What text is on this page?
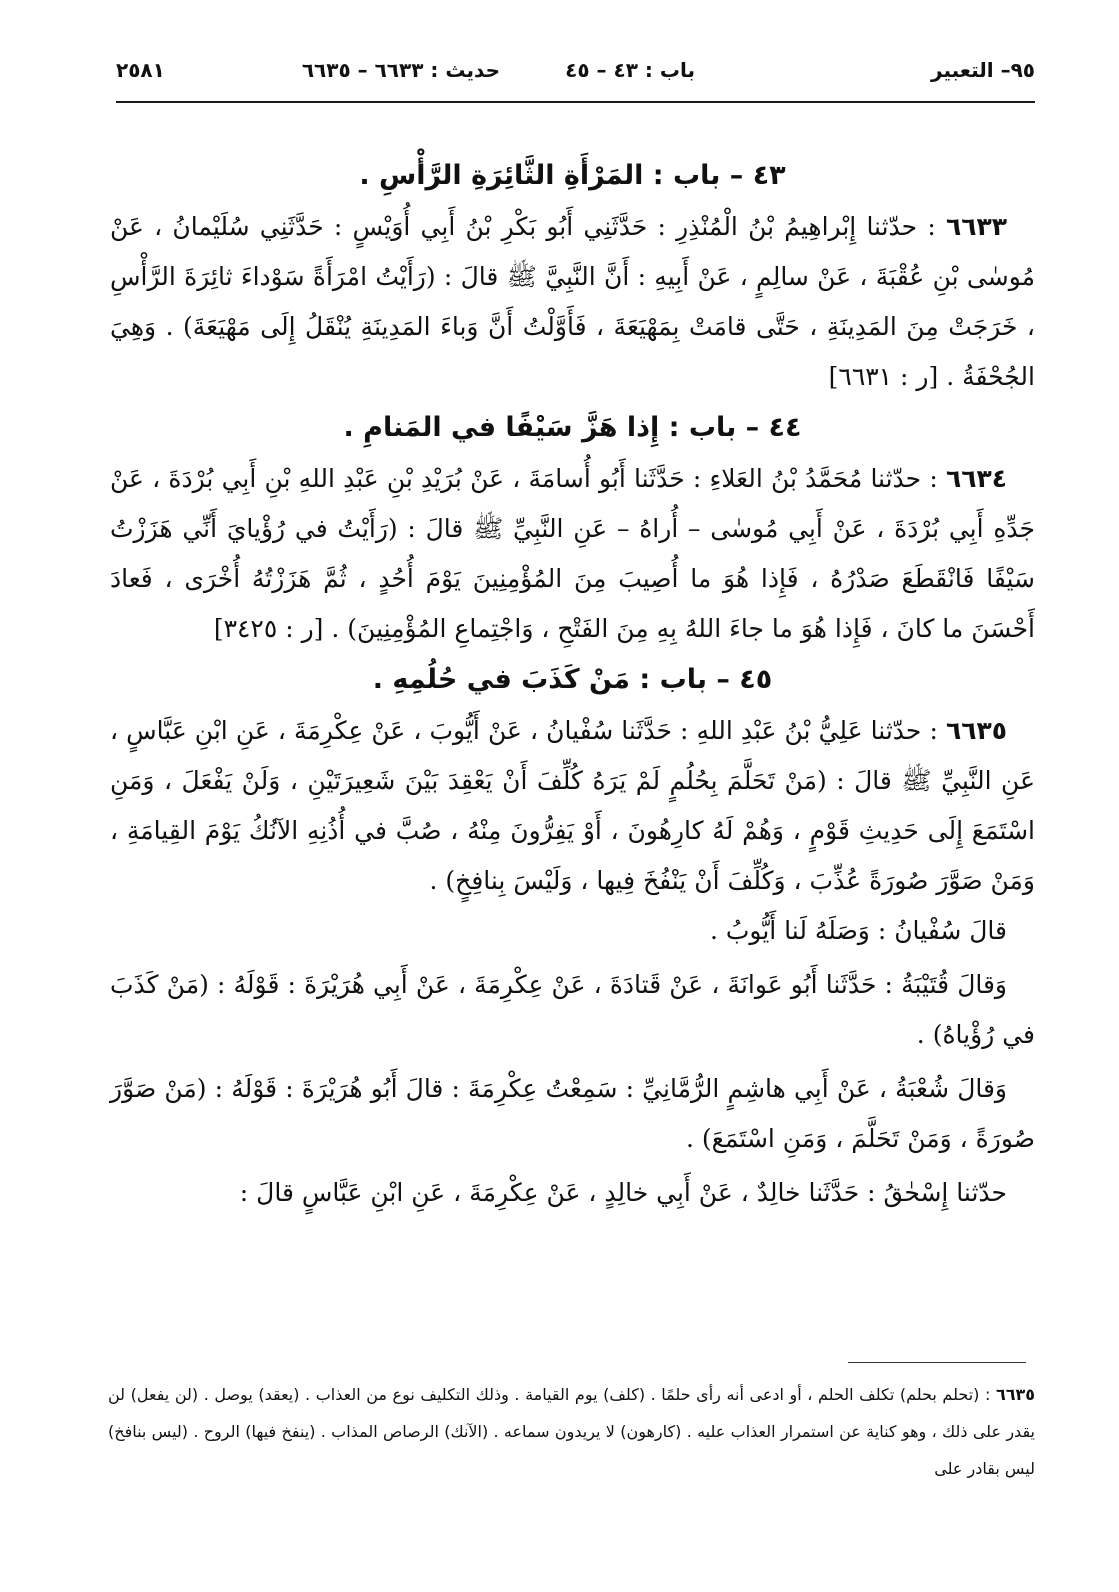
٩٥– التعبير
باب : ٤٣ – ٤٥
حديث : ٦٦٣٣ – ٦٦٣٥
٢٥٨١
٤٣ – باب : المَرْأَةِ الثَّائِرَةِ الرَّأْسِ .

٦٦٣٣ : حدّثنا إِبْراهِيمُ بْنُ الْمُنْذِرِ : حَدَّثَنِي أَبُو بَكْرِ بْنُ أَبِي أُوَيْسٍ : حَدَّثَنِي سُلَيْمانُ ، عَنْ مُوسٰى بْنِ عُقْبَةَ ، عَنْ سالِمٍ ، عَنْ أَبِيهِ : أَنَّ النَّبِيَّ ﷺ قالَ : (رَأَيْتُ امْرَأَةً سَوْداءَ ثائِرَةَ الرَّأْسِ ، خَرَجَتْ مِنَ المَدِينَةِ ، حَتَّى قامَتْ بِمَهْيَعَةَ ، فَأَوَّلْتُ أَنَّ وَباءَ المَدِينَةِ يُنْقَلُ إِلَى مَهْيَعَةَ) . وَهِيَ الجُحْفَةُ . [ر : ٦٦٣١]

٤٤ – باب : إِذا هَزَّ سَيْفًا في المَنامِ .

٦٦٣٤ : حدّثنا مُحَمَّدُ بْنُ العَلاءِ : حَدَّثَنا أَبُو أُسامَةَ ، عَنْ بُرَيْدِ بْنِ عَبْدِ اللهِ بْنِ أَبِي بُرْدَةَ ، عَنْ جَدِّهِ أَبِي بُرْدَةَ ، عَنْ أَبِي مُوسٰى – أُراهُ – عَنِ النَّبِيِّ ﷺ قالَ : (رَأَيْتُ في رُؤْيايَ أَنِّي هَزَزْتُ سَيْفًا فَانْقَطَعَ صَدْرُهُ ، فَإِذا هُوَ ما أُصِيبَ مِنَ المُؤْمِنِينَ يَوْمَ أُحُدٍ ، ثُمَّ هَزَزْتُهُ أُخْرَى ، فَعادَ أَحْسَنَ ما كانَ ، فَإِذا هُوَ ما جاءَ اللهُ بِهِ مِنَ الفَتْحِ ، وَاجْتِماعِ المُؤْمِنِينَ) . [ر : ٣٤٢٥]

٤٥ – باب : مَنْ كَذَبَ في حُلُمِهِ .

٦٦٣٥ : حدّثنا عَلِيُّ بْنُ عَبْدِ اللهِ : حَدَّثَنا سُفْيانُ ، عَنْ أَيُّوبَ ، عَنْ عِكْرِمَةَ ، عَنِ ابْنِ عَبَّاسٍ ، عَنِ النَّبِيِّ ﷺ قالَ : (مَنْ تَحَلَّمَ بِحُلُمٍ لَمْ يَرَهُ كُلِّفَ أَنْ يَعْقِدَ بَيْنَ شَعِيرَتَيْنِ ، وَلَنْ يَفْعَلَ ، وَمَنِ اسْتَمَعَ إِلَى حَدِيثِ قَوْمٍ ، وَهُمْ لَهُ كارِهُونَ ، أَوْ يَفِرُّونَ مِنْهُ ، صُبَّ في أُذُنِهِ الآنُكُ يَوْمَ القِيامَةِ ، وَمَنْ صَوَّرَ صُورَةً عُذِّبَ ، وَكُلِّفَ أَنْ يَنْفُخَ فِيها ، وَلَيْسَ بِنافِخٍ) .

قالَ سُفْيانُ : وَصَلَهُ لَنا أَيُّوبُ .

وَقالَ قُتَيْبَةُ : حَدَّثَنا أَبُو عَوانَةَ ، عَنْ قَتادَةَ ، عَنْ عِكْرِمَةَ ، عَنْ أَبِي هُرَيْرَةَ : قَوْلَهُ : (مَنْ كَذَبَ في رُؤْياهُ) .

وَقالَ شُعْبَةُ ، عَنْ أَبِي هاشِمٍ الرُّمَّانِيِّ : سَمِعْتُ عِكْرِمَةَ : قالَ أَبُو هُرَيْرَةَ : قَوْلَهُ : (مَنْ صَوَّرَ صُورَةً ، وَمَنْ تَحَلَّمَ ، وَمَنِ اسْتَمَعَ) .

حدّثنا إِسْحٰقُ : حَدَّثَنا خالِدٌ ، عَنْ أَبِي خالِدٍ ، عَنْ عِكْرِمَةَ ، عَنِ ابْنِ عَبَّاسٍ قالَ :

٦٦٣٥ : (تحلم بحلم) تكلف الحلم ، أو ادعى أنه رأى حلمًا . (كلف) يوم القيامة . وذلك التكليف نوع من العذاب . (يعقد) يوصل . (لن يفعل) لن يقدر على ذلك ، وهو كناية عن استمرار العذاب عليه . (كارهون) لا يريدون سماعه . (الآنك) الرصاص المذاب . (ينفخ فيها) الروح . (ليس بنافخ) ليس بقادر على
